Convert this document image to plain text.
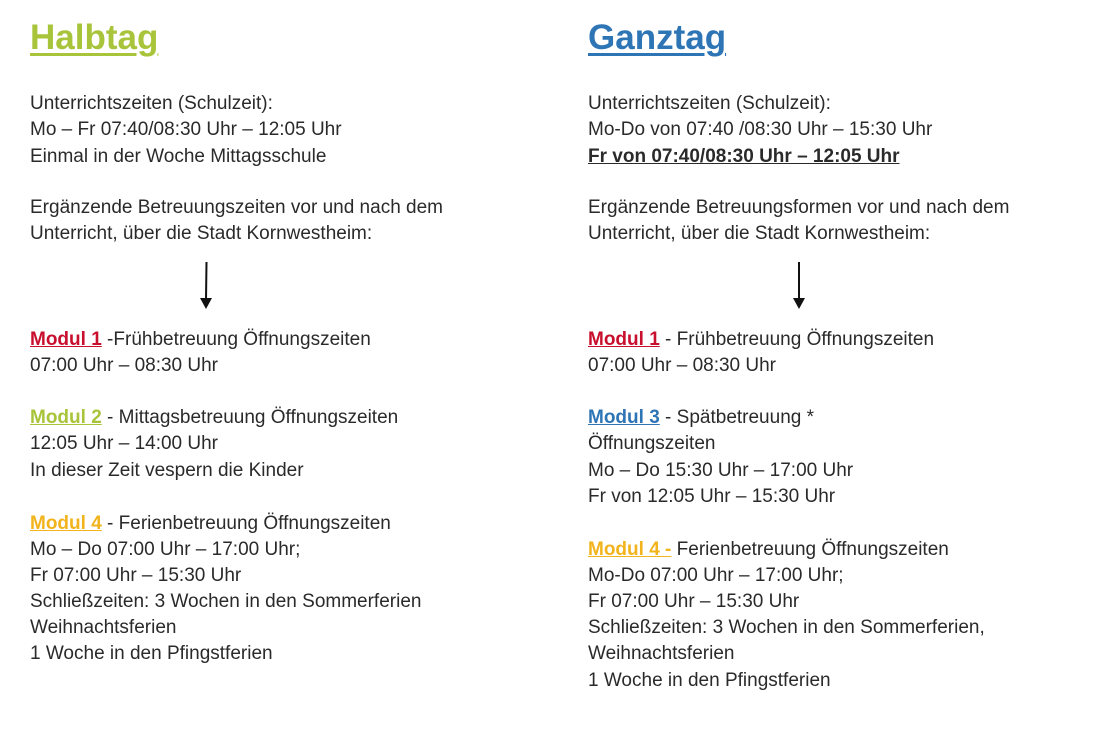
Halbtag

Unterrichtszeiten (Schulzeit):

Mo – Fr 07:40/08:30 Uhr – 12:05 Uhr

Einmal in der Woche Mittagsschule

Ergänzende Betreuungszeiten vor und nach dem

Unterricht, über die Stadt Kornwestheim:

Modul 1 -Frühbetreuung Öffnungszeiten

07:00 Uhr – 08:30 Uhr

Modul 2 - Mittagsbetreuung Öffnungszeiten

12:05 Uhr – 14:00 Uhr

In dieser Zeit vespern die Kinder

Modul 4 - Ferienbetreuung Öffnungszeiten

Mo – Do 07:00 Uhr – 17:00 Uhr;

Fr 07:00 Uhr – 15:30 Uhr

Schließzeiten: 3 Wochen in den Sommerferien

Weihnachtsferien

1 Woche in den Pfingstferien

Ganztag

Unterrichtszeiten (Schulzeit):

Mo-Do von 07:40 /08:30 Uhr – 15:30 Uhr

Fr von 07:40/08:30 Uhr – 12:05 Uhr

Ergänzende Betreuungsformen vor und nach dem

Unterricht, über die Stadt Kornwestheim:

Modul 1 - Frühbetreuung Öffnungszeiten

07:00 Uhr – 08:30 Uhr

Modul 3 - Spätbetreuung *

Öffnungszeiten

Mo – Do 15:30 Uhr – 17:00 Uhr

Fr von 12:05 Uhr – 15:30 Uhr

Modul 4 - Ferienbetreuung Öffnungszeiten

Mo-Do 07:00 Uhr – 17:00 Uhr;

Fr 07:00 Uhr – 15:30 Uhr

Schließzeiten: 3 Wochen in den Sommerferien,

Weihnachtsferien

1 Woche in den Pfingstferien
